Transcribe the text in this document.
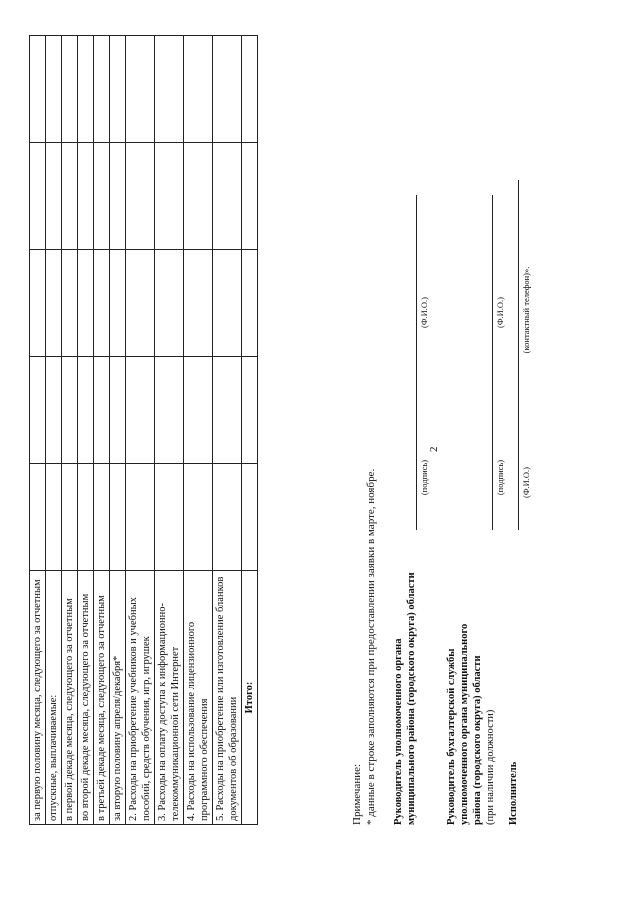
2
за первую половину месяца, следующего за отчетным					
отпускные, выплачиваемые:					
в первой декаде месяца, следующего за отчетным					
во второй декаде месяца, следующего за отчетным					
в третьей декаде месяца, следующего за отчетным					
за вторую половину апреля/декабря*					
2. Расходы на приобретение учебников и учебных пособий, средств обучения, игр, игрушек					
3. Расходы на оплату доступа к информационно-телекоммуникационной сети Интернет					
4. Расходы на использование лицензионного программного обеспечения					
5. Расходы на приобретение или изготовление бланков документов об образовании					
Итого:					
Примечание: * данные в строке заполняются при предоставлении заявки в марте, ноябре. Руководитель уполномоченного органа муниципального района (городского округа) области
(подпись)
(Ф.И.О.)
Руководитель бухгалтерской службы уполномоченного органа муниципального района (городского округа) области (при наличии должности)
(подпись)
(Ф.И.О.)
Исполнитель
(Ф.И.О.)
(контактный телефон)».
